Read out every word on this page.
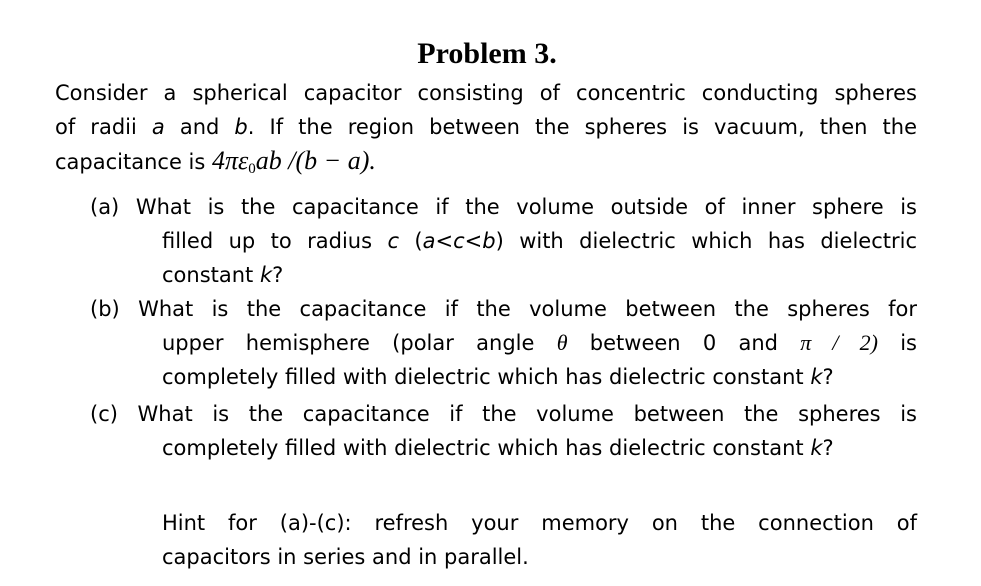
Problem 3.
Consider a spherical capacitor consisting of concentric conducting spheres
of radii a and b. If the region between the spheres is vacuum, then the
capacitance is $4\pi\varepsilon_0ab$ /(b − a).
(a) What is the capacitance if the volume outside of inner sphere is
filled up to radius c (a<c<b) with dielectric which has dielectric
constant k?
(b) What is the capacitance if the volume between the spheres for
upper hemisphere (polar angle θ between 0 and π / 2) is
completely filled with dielectric which has dielectric constant k?
(c) What is the capacitance if the volume between the spheres is
completely filled with dielectric which has dielectric constant k?
Hint for (a)-(c): refresh your memory on the connection of
capacitors in series and in parallel.
